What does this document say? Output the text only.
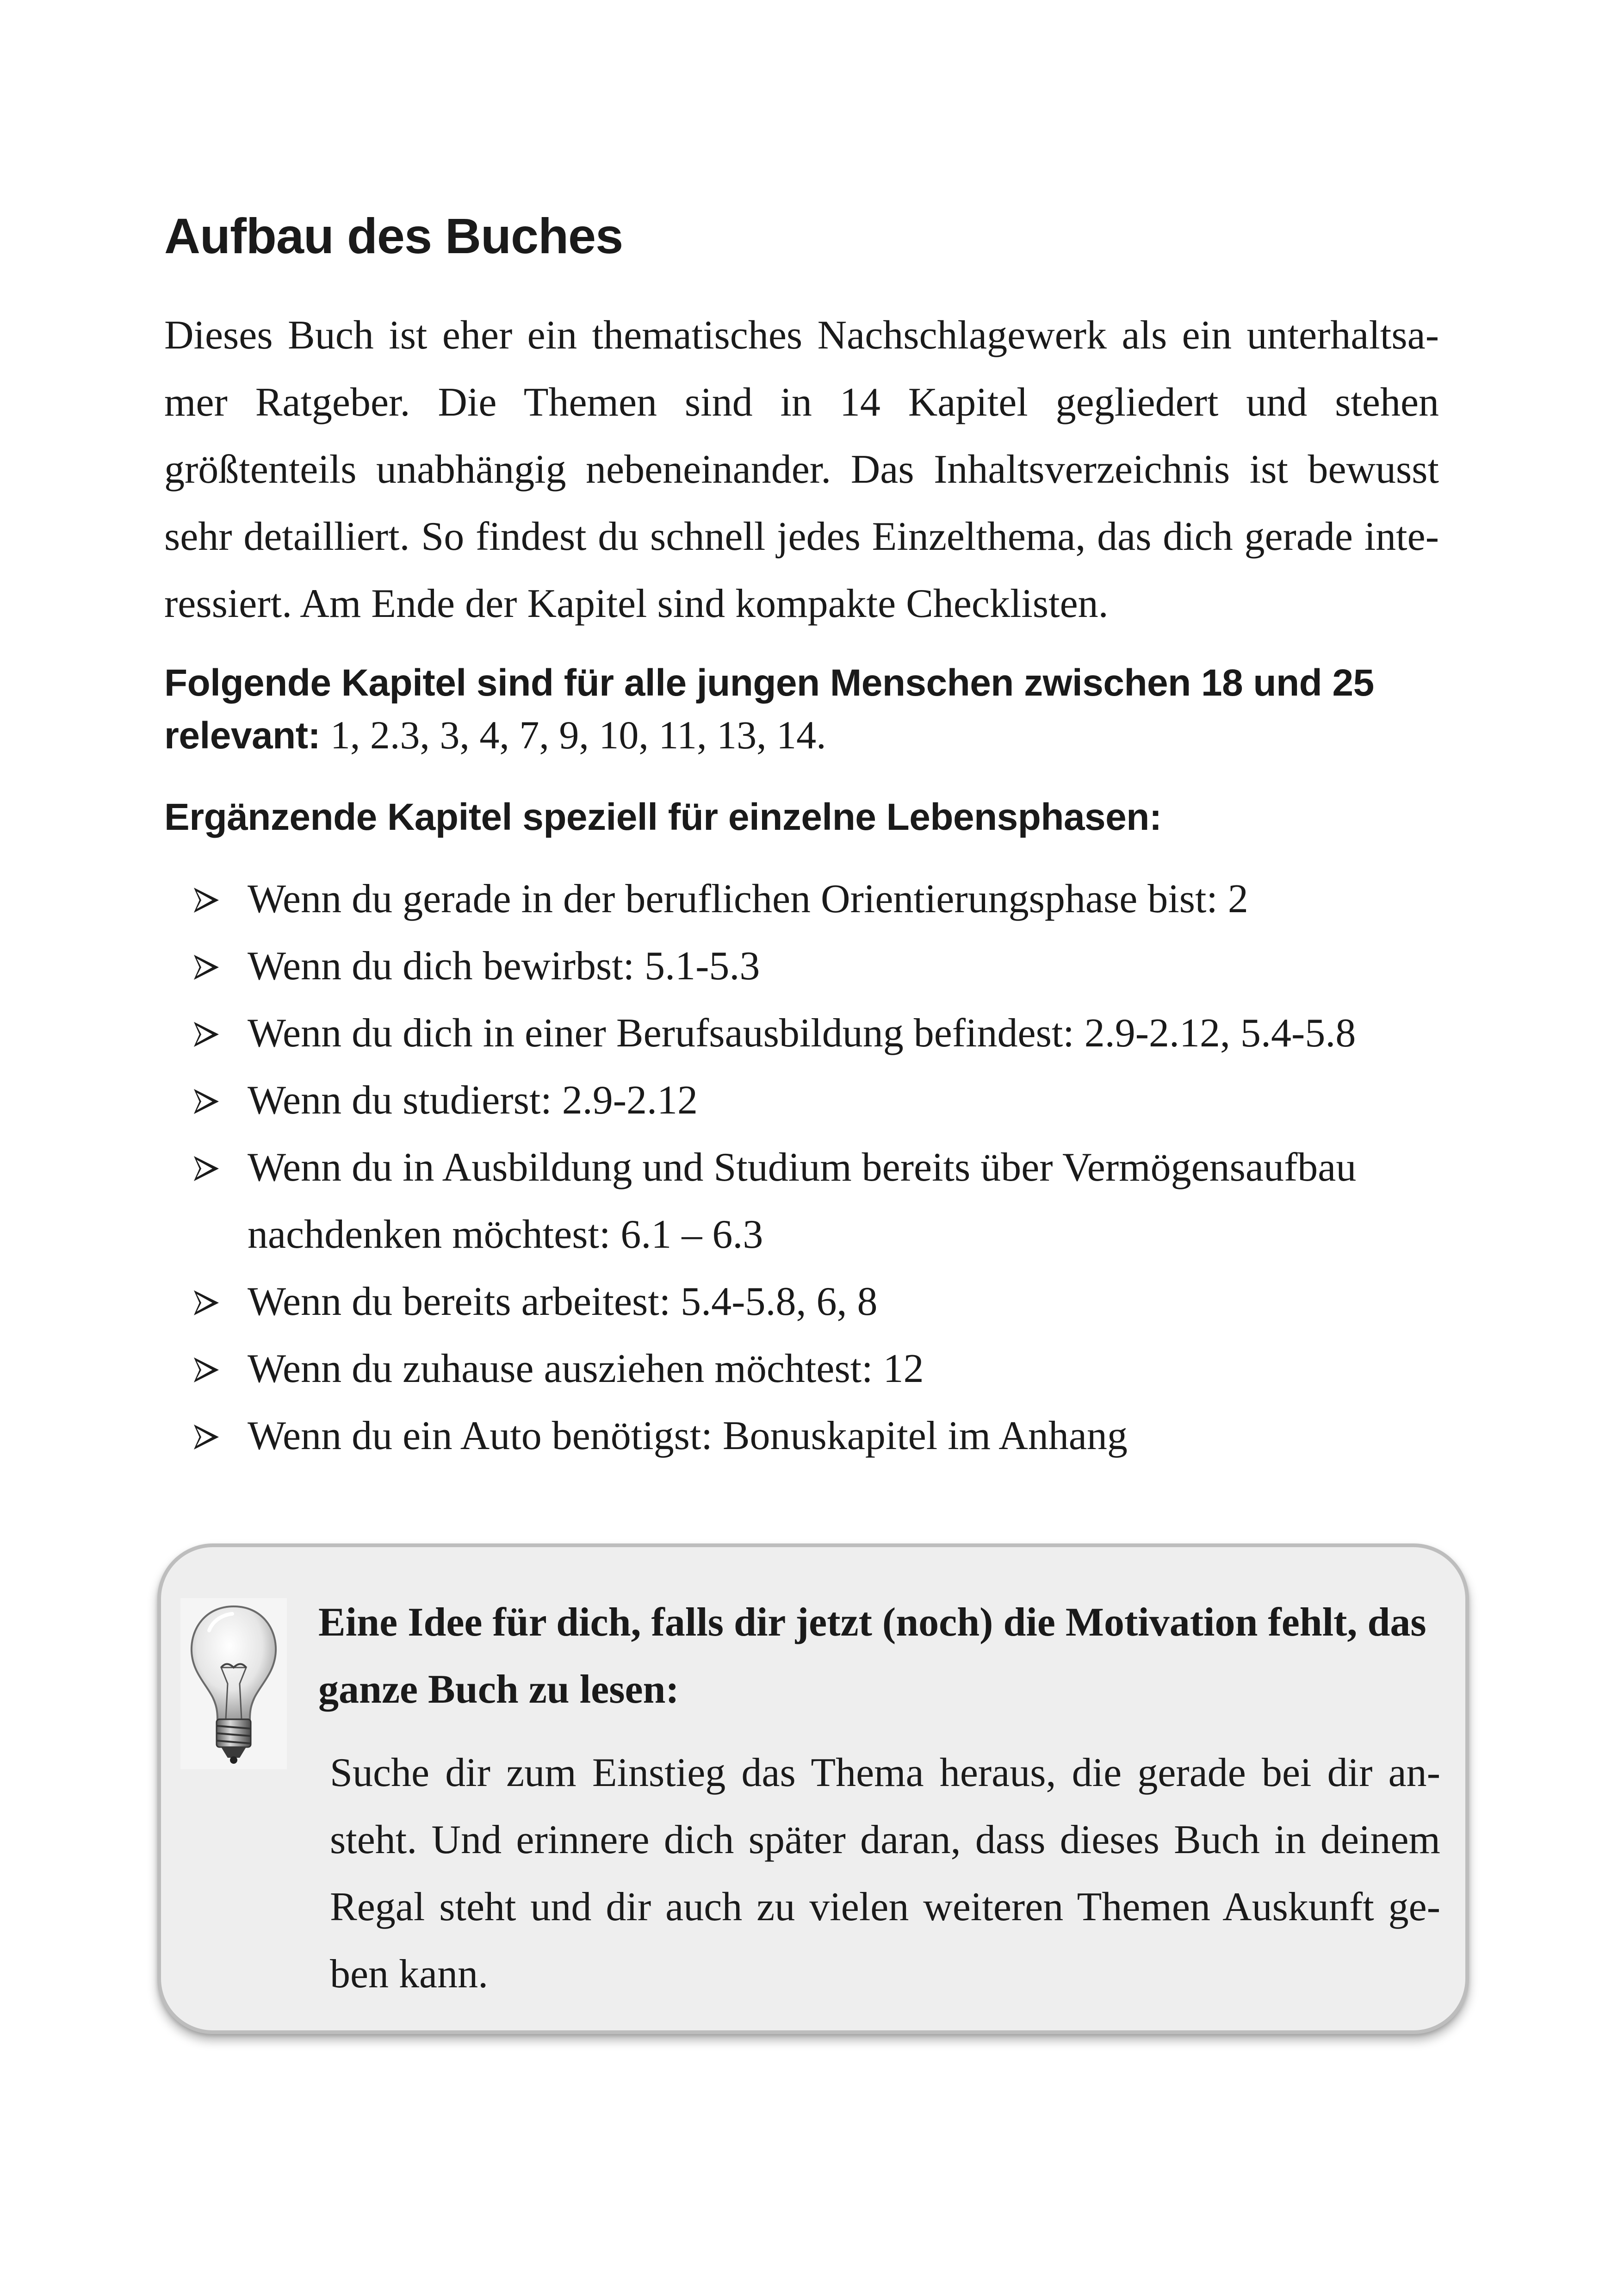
Aufbau des Buches

Dieses Buch ist eher ein thematisches Nachschlagewerk als ein unterhaltsamer Ratgeber. Die Themen sind in 14 Kapitel gegliedert und stehen größtenteils unabhängig nebeneinander. Das Inhaltsverzeichnis ist bewusst sehr detailliert. So findest du schnell jedes Einzelthema, das dich gerade interessiert. Am Ende der Kapitel sind kompakte Checklisten.

Folgende Kapitel sind für alle jungen Menschen zwischen 18 und 25 relevant: 1, 2.3, 3, 4, 7, 9, 10, 11, 13, 14.

Ergänzende Kapitel speziell für einzelne Lebensphasen:

Wenn du gerade in der beruflichen Orientierungsphase bist: 2
Wenn du dich bewirbst: 5.1-5.3
Wenn du dich in einer Berufsausbildung befindest: 2.9-2.12, 5.4-5.8
Wenn du studierst: 2.9-2.12
Wenn du in Ausbildung und Studium bereits über Vermögensaufbau nachdenken möchtest: 6.1 – 6.3
Wenn du bereits arbeitest: 5.4-5.8, 6, 8
Wenn du zuhause ausziehen möchtest: 12
Wenn du ein Auto benötigst: Bonuskapitel im Anhang

Eine Idee für dich, falls dir jetzt (noch) die Motivation fehlt, das ganze Buch zu lesen:

Suche dir zum Einstieg das Thema heraus, die gerade bei dir ansteht. Und erinnere dich später daran, dass dieses Buch in deinem Regal steht und dir auch zu vielen weiteren Themen Auskunft geben kann.
